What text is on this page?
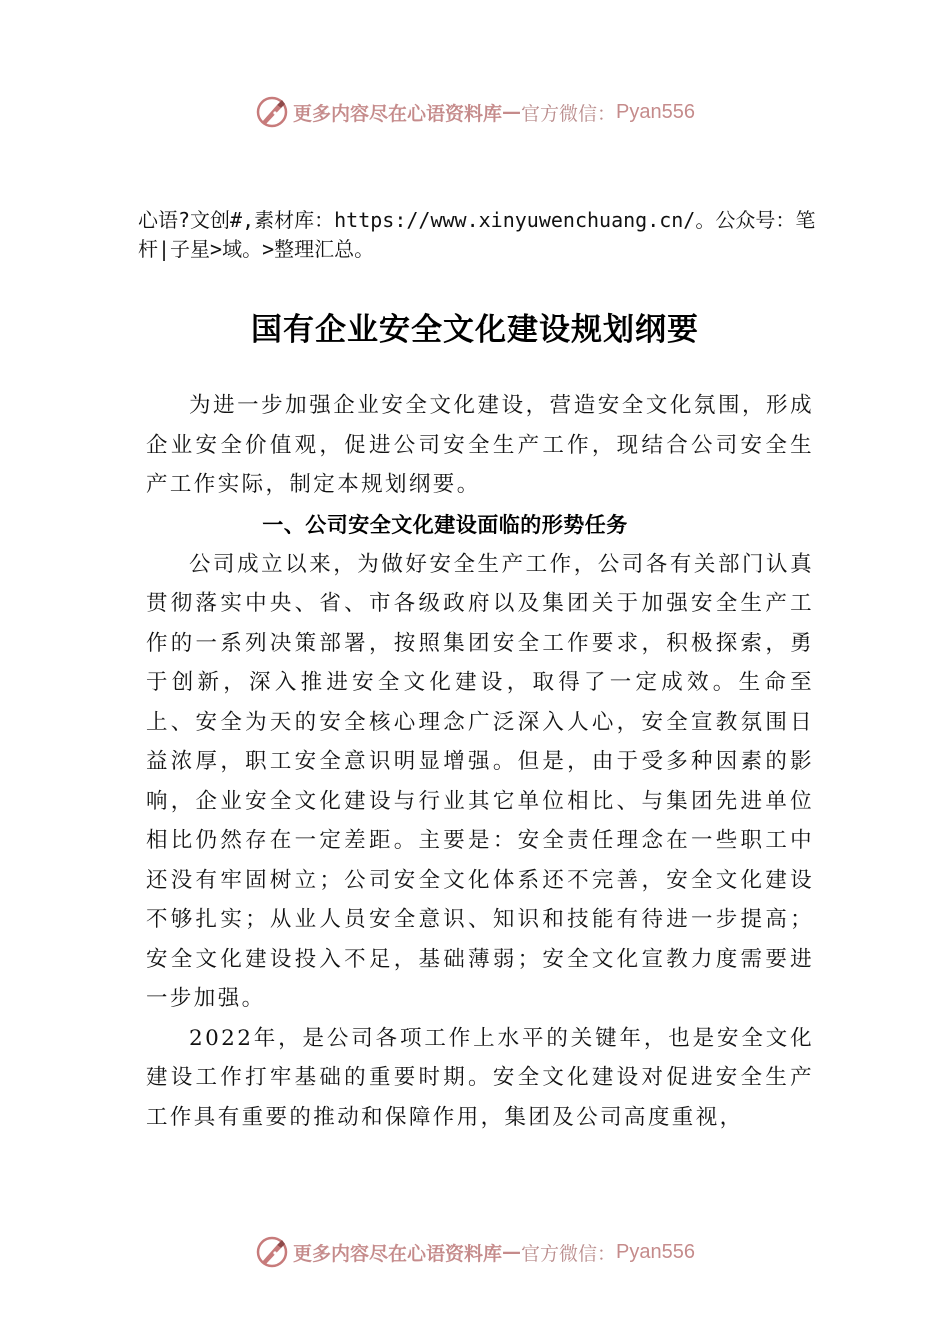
更多内容尽在心语资料库 — 官方微信： Pyan556

心语?文创#,素材库：https://www.xinyuwenchuang.cn/。公众号：笔杆|子星>域。>整理汇总。

国有企业安全文化建设规划纲要

为进一步加强企业安全文化建设，营造安全文化氛围，形成企业安全价值观，促进公司安全生产工作，现结合公司安全生产工作实际，制定本规划纲要。

一、公司安全文化建设面临的形势任务

公司成立以来，为做好安全生产工作，公司各有关部门认真贯彻落实中央、省、市各级政府以及集团关于加强安全生产工作的一系列决策部署，按照集团安全工作要求，积极探索，勇于创新，深入推进安全文化建设，取得了一定成效。生命至上、安全为天的安全核心理念广泛深入人心，安全宣教氛围日益浓厚，职工安全意识明显增强。但是，由于受多种因素的影响，企业安全文化建设与行业其它单位相比、与集团先进单位相比仍然存在一定差距。主要是：安全责任理念在一些职工中还没有牢固树立；公司安全文化体系还不完善，安全文化建设不够扎实；从业人员安全意识、知识和技能有待进一步提高；安全文化建设投入不足，基础薄弱；安全文化宣教力度需要进一步加强。

2022年，是公司各项工作上水平的关键年，也是安全文化建设工作打牢基础的重要时期。安全文化建设对促进安全生产工作具有重要的推动和保障作用，集团及公司高度重视，

更多内容尽在心语资料库 — 官方微信： Pyan556
